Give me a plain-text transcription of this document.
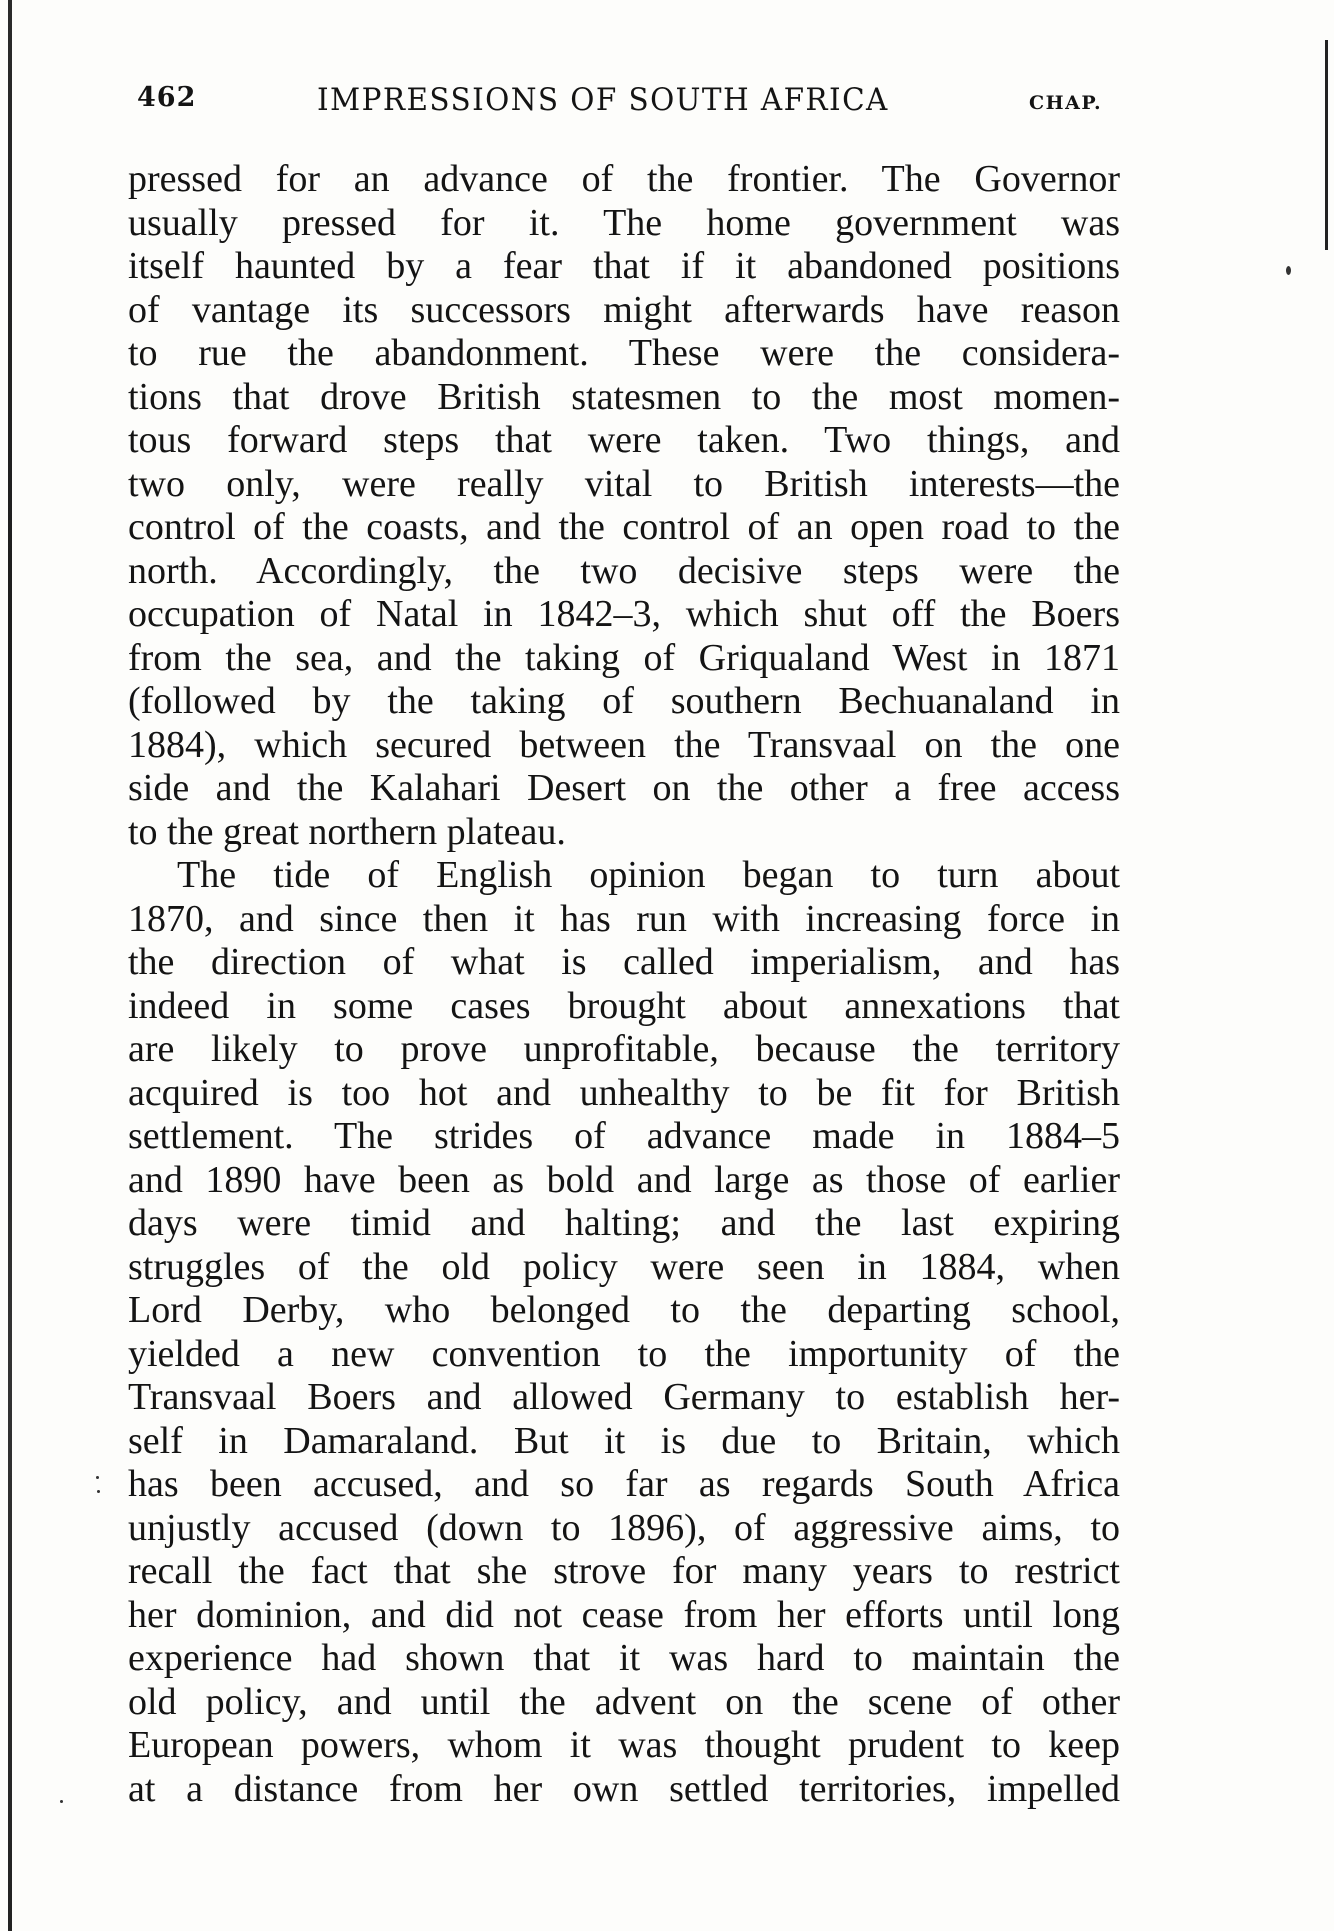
462	IMPRESSIONS OF SOUTH AFRICA	CHAP.
pressed for an advance of the frontier. The Governor
usually pressed for it. The home government was
itself haunted by a fear that if it abandoned positions
of vantage its successors might afterwards have reason
to rue the abandonment. These were the considera-
tions that drove British statesmen to the most momen-
tous forward steps that were taken. Two things, and
two only, were really vital to British interests—the
control of the coasts, and the control of an open road to the
north. Accordingly, the two decisive steps were the
occupation of Natal in 1842–3, which shut off the Boers
from the sea, and the taking of Griqualand West in 1871
(followed by the taking of southern Bechuanaland in
1884), which secured between the Transvaal on the one
side and the Kalahari Desert on the other a free access
to the great northern plateau.
The tide of English opinion began to turn about
1870, and since then it has run with increasing force in
the direction of what is called imperialism, and has
indeed in some cases brought about annexations that
are likely to prove unprofitable, because the territory
acquired is too hot and unhealthy to be fit for British
settlement. The strides of advance made in 1884–5
and 1890 have been as bold and large as those of earlier
days were timid and halting; and the last expiring
struggles of the old policy were seen in 1884, when
Lord Derby, who belonged to the departing school,
yielded a new convention to the importunity of the
Transvaal Boers and allowed Germany to establish her-
self in Damaraland. But it is due to Britain, which
has been accused, and so far as regards South Africa
unjustly accused (down to 1896), of aggressive aims, to
recall the fact that she strove for many years to restrict
her dominion, and did not cease from her efforts until long
experience had shown that it was hard to maintain the
old policy, and until the advent on the scene of other
European powers, whom it was thought prudent to keep
at a distance from her own settled territories, impelled
